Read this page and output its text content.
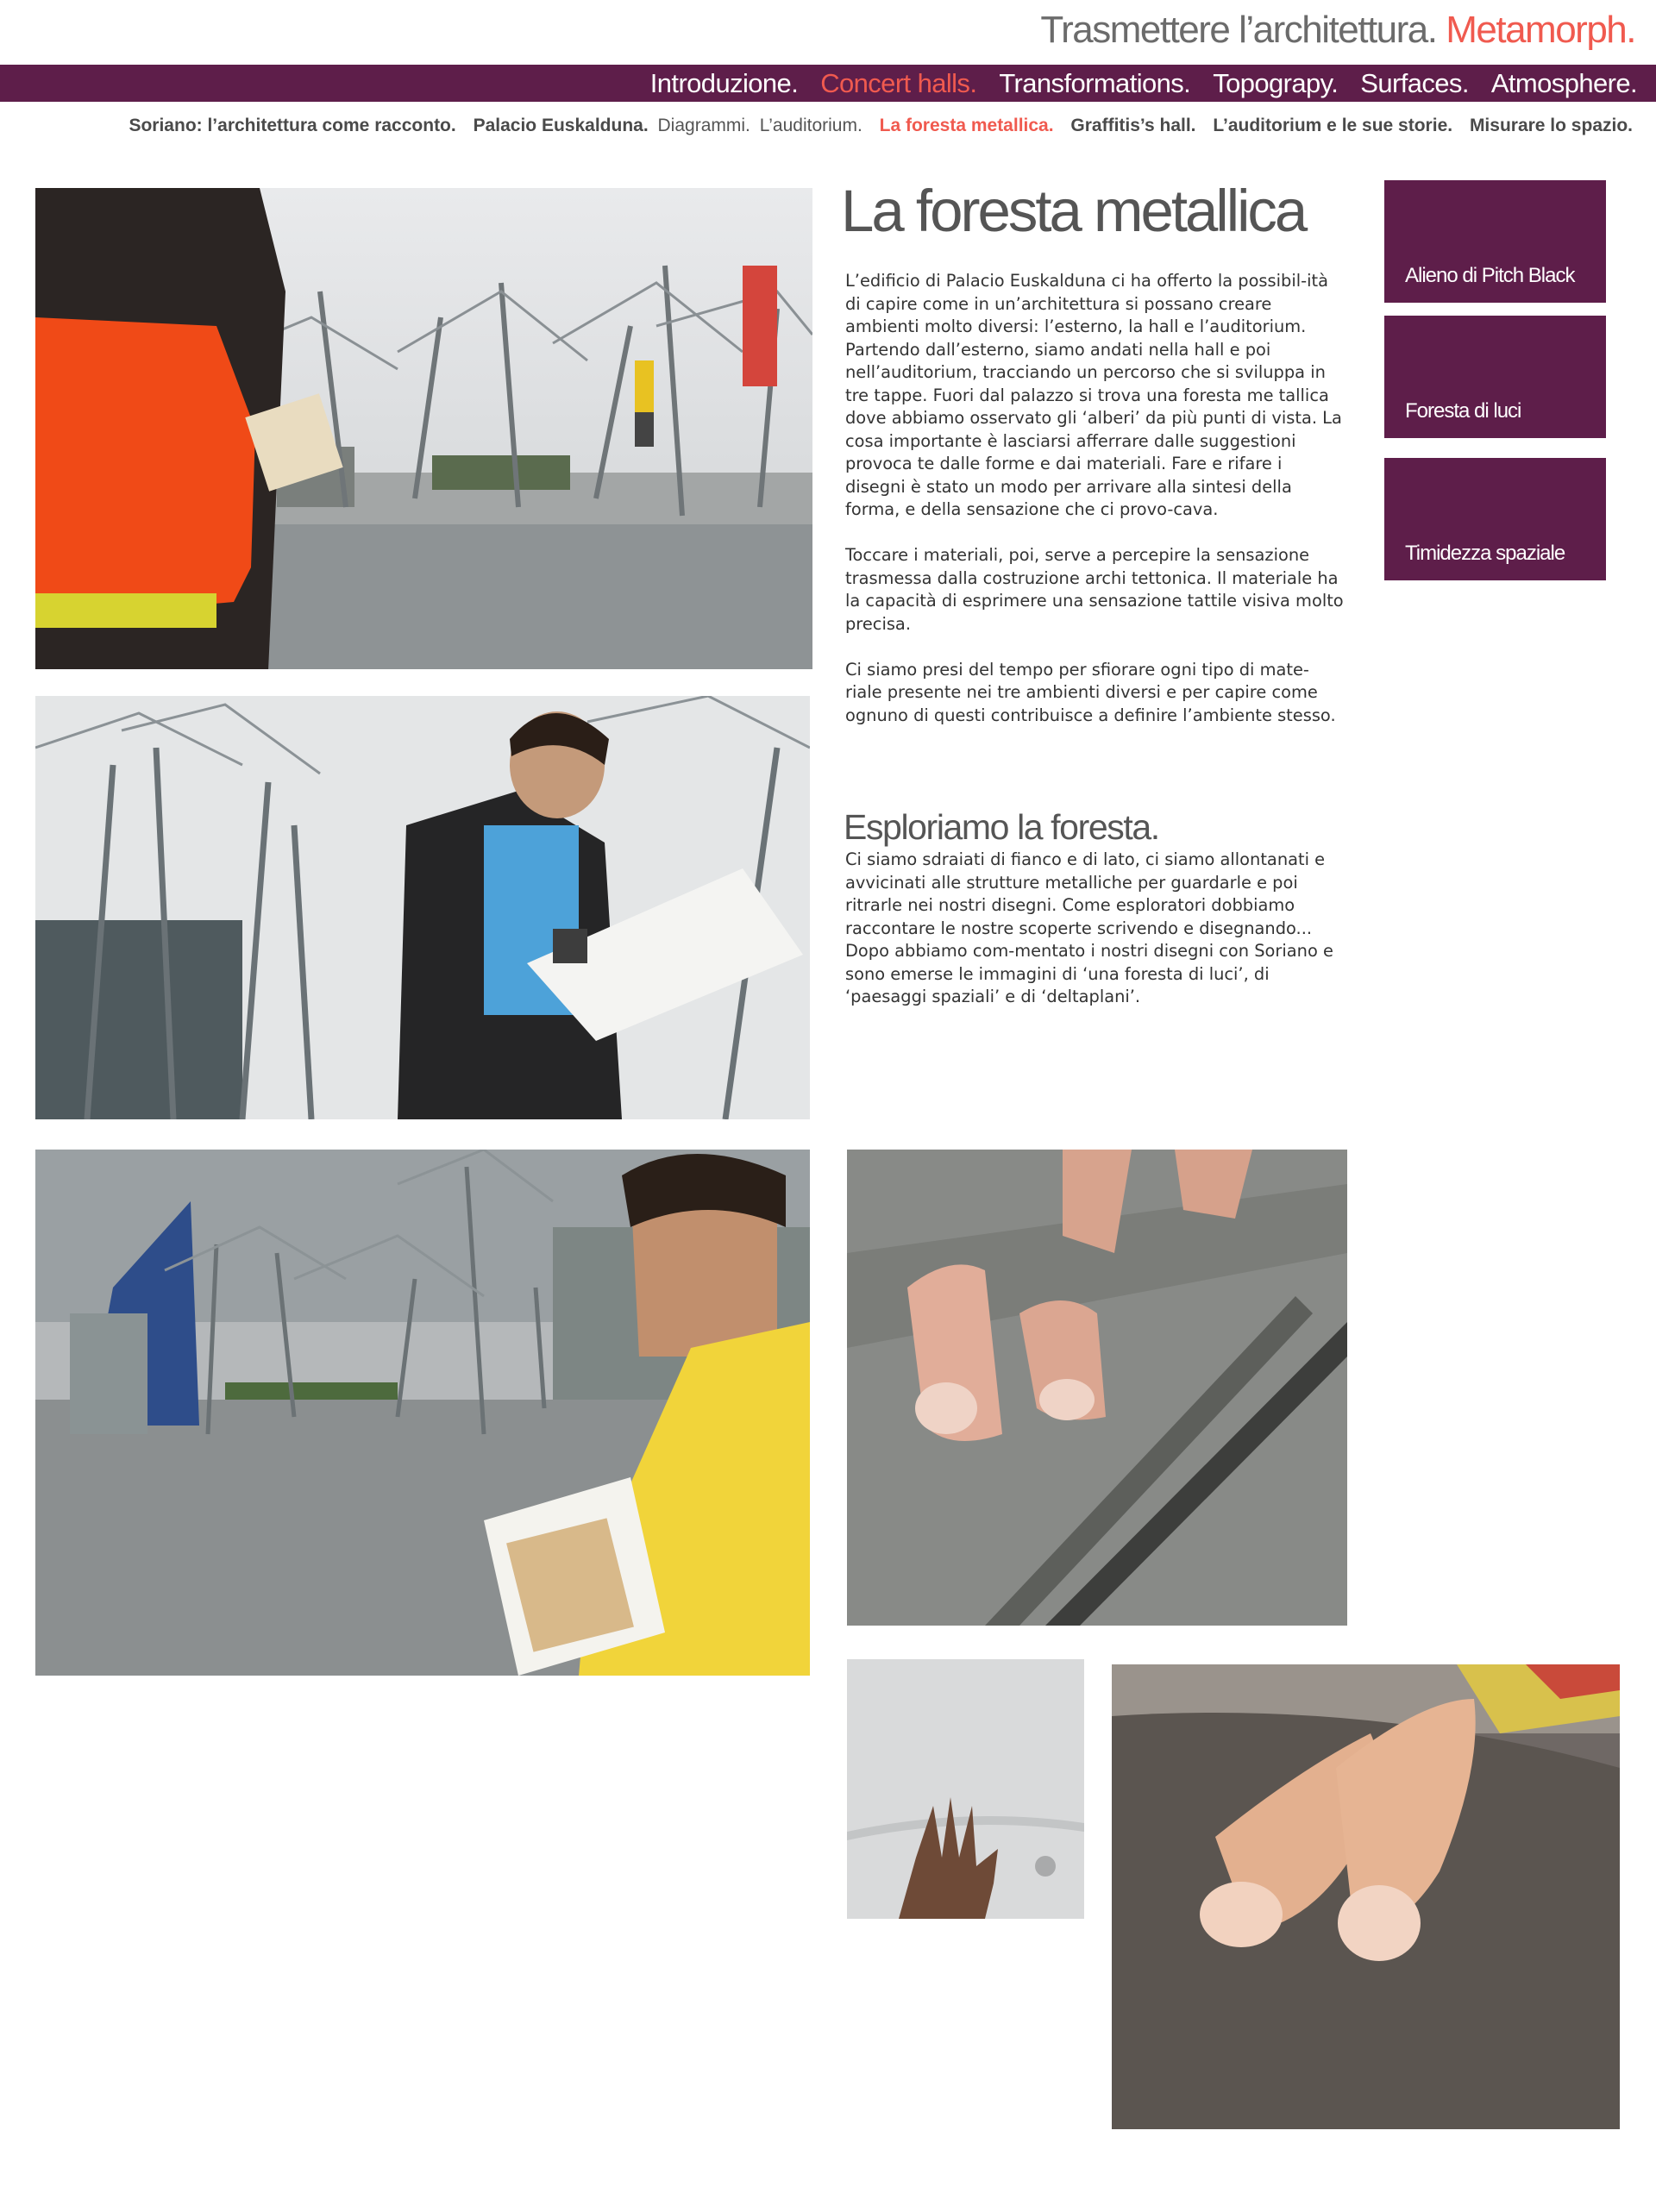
Trasmettere l’architettura. Metamorph.
Introduzione. Concert halls. Transformations. Topograpy. Surfaces. Atmosphere.
Soriano: l’architettura come racconto. Palacio Euskalduna. Diagrammi. L’auditorium. La foresta metallica. Graffitis’s hall. L’auditorium e le sue storie. Misurare lo spazio.
La foresta metallica

L’edificio di Palacio Euskalduna ci ha offerto la possibil-ità di capire come in un’architettura si possano creare ambienti molto diversi: l’esterno, la hall e l’auditorium. Partendo dall’esterno, siamo andati nella hall e poi nell’auditorium, tracciando un percorso che si sviluppa in tre tappe. Fuori dal palazzo si trova una foresta me tallica dove abbiamo osservato gli ‘alberi’ da più punti di vista. La cosa importante è lasciarsi afferrare dalle suggestioni provoca te dalle forme e dai materiali. Fare e rifare i disegni è stato un modo per arrivare alla sintesi della forma, e della sensazione che ci provo-cava.

Toccare i materiali, poi, serve a percepire la sensazione trasmessa dalla costruzione archi tettonica. Il materiale ha la capacità di esprimere una sensazione tattile visiva molto precisa.

Ci siamo presi del tempo per sfiorare ogni tipo di mate-riale presente nei tre ambienti diversi e per capire come ognuno di questi contribuisce a definire l’ambiente stesso.

Esploriamo la foresta.

Ci siamo sdraiati di fianco e di lato, ci siamo allontanati e avvicinati alle strutture metalliche per guardarle e poi ritrarle nei nostri disegni. Come esploratori dobbiamo raccontare le nostre scoperte scrivendo e disegnando... Dopo abbiamo com-mentato i nostri disegni con Soriano e sono emerse le immagini di ‘una foresta di luci’, di ‘paesaggi spaziali’ e di ‘deltaplani’.

Alieno di Pitch Black
Foresta di luci
Timidezza spaziale
